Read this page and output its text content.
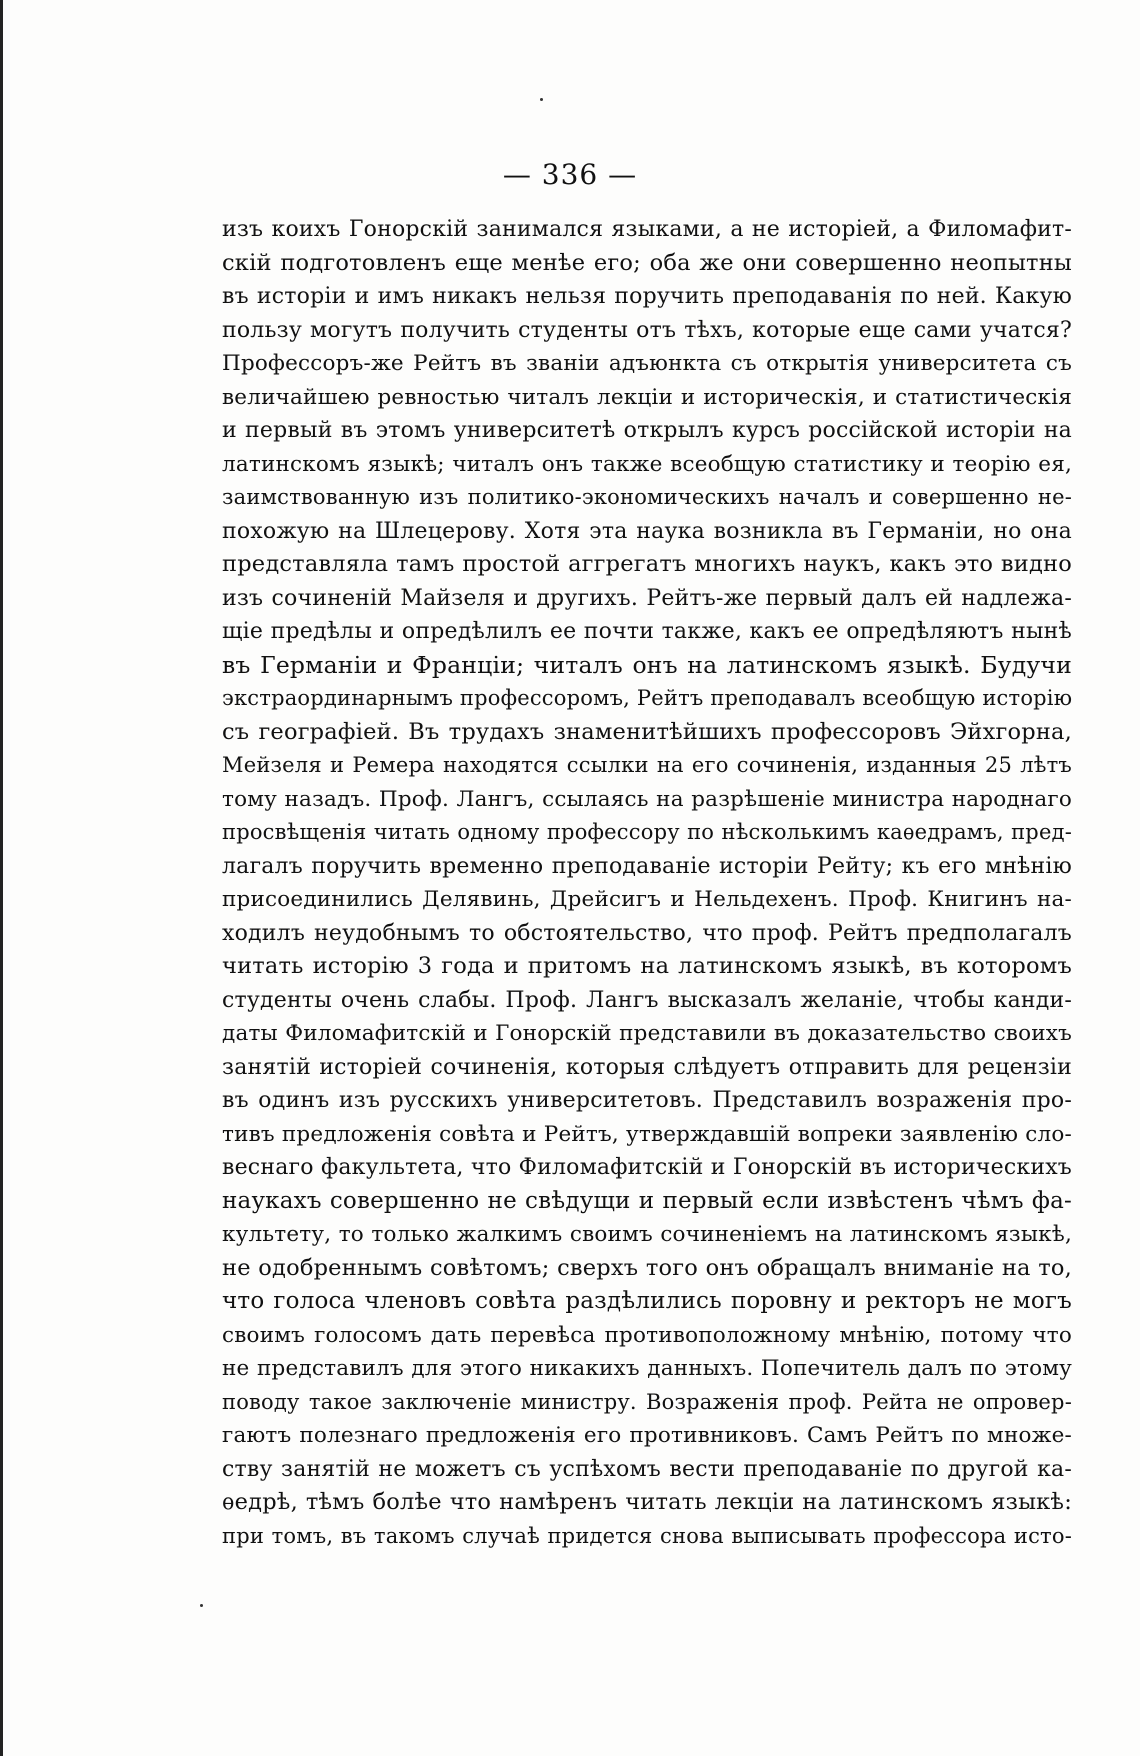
— 336 —
изъ коихъ Гонорскій занимался языками, а не исторіей, а Филомафит-
скій подготовленъ еще менѣе его; оба же они совершенно неопытны
въ исторіи и имъ никакъ нельзя поручить преподаванія по ней. Какую
пользу могутъ получить студенты отъ тѣхъ, которые еще сами учатся?
Профессоръ-же Рейтъ въ званіи адъюнкта съ открытія университета съ
величайшею ревностью читалъ лекціи и историческія, и статистическія
и первый въ этомъ университетѣ открылъ курсъ россійской исторіи на
латинскомъ языкѣ; читалъ онъ также всеобщую статистику и теорію ея,
заимствованную изъ политико-экономическихъ началъ и совершенно не-
похожую на Шлецерову. Хотя эта наука возникла въ Германіи, но она
представляла тамъ простой аггрегатъ многихъ наукъ, какъ это видно
изъ сочиненій Майзеля и другихъ. Рейтъ-же первый далъ ей надлежа-
щіе предѣлы и опредѣлилъ ее почти также, какъ ее опредѣляютъ нынѣ
въ Германіи и Франціи; читалъ онъ на латинскомъ языкѣ. Будучи
экстраординарнымъ профессоромъ, Рейтъ преподавалъ всеобщую исторію
съ географіей. Въ трудахъ знаменитѣйшихъ профессоровъ Эйхгорна,
Мейзеля и Ремера находятся ссылки на его сочиненія, изданныя 25 лѣтъ
тому назадъ. Проф. Лангъ, ссылаясь на разрѣшеніе министра народнаго
просвѣщенія читать одному профессору по нѣсколькимъ каѳедрамъ, пред-
лагалъ поручить временно преподаваніе исторіи Рейту; къ его мнѣнію
присоединились Делявинь, Дрейсигъ и Нельдехенъ. Проф. Книгинъ на-
ходилъ неудобнымъ то обстоятельство, что проф. Рейтъ предполагалъ
читать исторію 3 года и притомъ на латинскомъ языкѣ, въ которомъ
студенты очень слабы. Проф. Лангъ высказалъ желаніе, чтобы канди-
даты Филомафитскій и Гонорскій представили въ доказательство своихъ
занятій исторіей сочиненія, которыя слѣдуетъ отправить для рецензіи
въ одинъ изъ русскихъ университетовъ. Представилъ возраженія про-
тивъ предложенія совѣта и Рейтъ, утверждавшій вопреки заявленію сло-
веснаго факультета, что Филомафитскій и Гонорскій въ историческихъ
наукахъ совершенно не свѣдущи и первый если извѣстенъ чѣмъ фа-
культету, то только жалкимъ своимъ сочиненіемъ на латинскомъ языкѣ,
не одобреннымъ совѣтомъ; сверхъ того онъ обращалъ вниманіе на то,
что голоса членовъ совѣта раздѣлились поровну и ректоръ не могъ
своимъ голосомъ дать перевѣса противоположному мнѣнію, потому что
не представилъ для этого никакихъ данныхъ. Попечитель далъ по этому
поводу такое заключеніе министру. Возраженія проф. Рейта не опровер-
гаютъ полезнаго предложенія его противниковъ. Самъ Рейтъ по множе-
ству занятій не можетъ съ успѣхомъ вести преподаваніе по другой ка-
ѳедрѣ, тѣмъ болѣе что намѣренъ читать лекціи на латинскомъ языкѣ:
при томъ, въ такомъ случаѣ придется снова выписывать профессора исто-
